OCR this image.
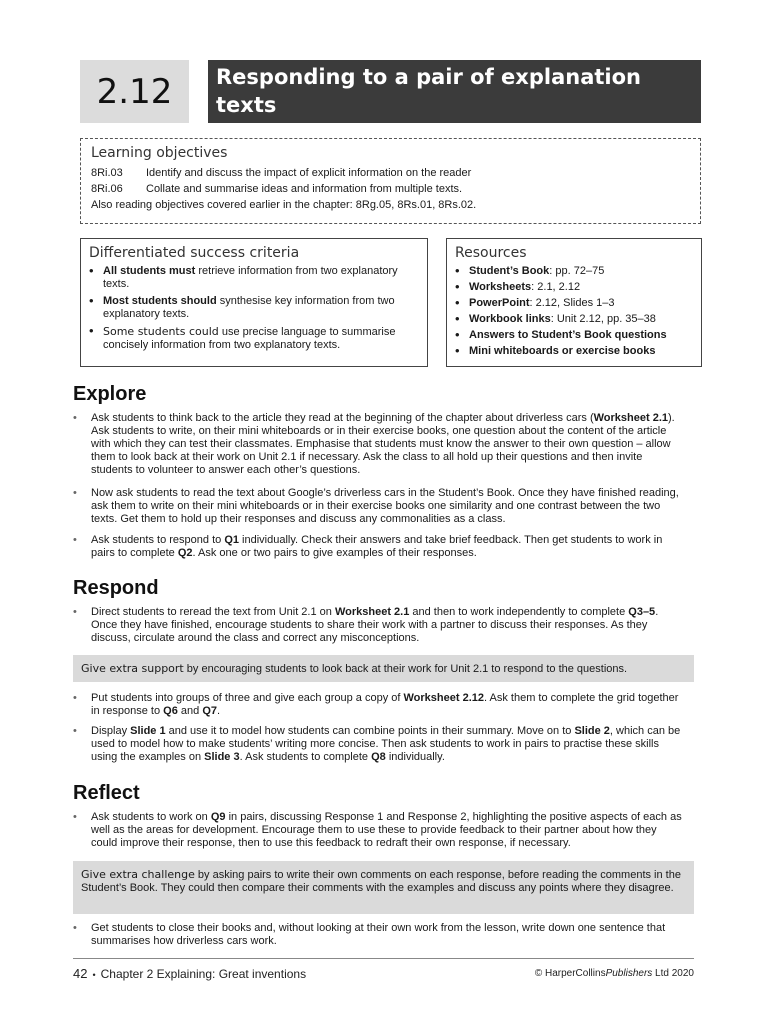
2.12	Responding to a pair of explanation texts
Learning objectives
8Ri.03	Identify and discuss the impact of explicit information on the reader
8Ri.06	Collate and summarise ideas and information from multiple texts.
Also reading objectives covered earlier in the chapter: 8Rg.05, 8Rs.01, 8Rs.02.
Differentiated success criteria
• All students must retrieve information from two explanatory texts.
• Most students should synthesise key information from two explanatory texts.
• Some students could use precise language to summarise concisely information from two explanatory texts.
Resources
• Student’s Book: pp. 72–75
• Worksheets: 2.1, 2.12
• PowerPoint: 2.12, Slides 1–3
• Workbook links: Unit 2.12, pp. 35–38
• Answers to Student’s Book questions
• Mini whiteboards or exercise books
Explore
•	Ask students to think back to the article they read at the beginning of the chapter about driverless cars (Worksheet 2.1). Ask students to write, on their mini whiteboards or in their exercise books, one question about the content of the article with which they can test their classmates. Emphasise that students must know the answer to their own question – allow them to look back at their work on Unit 2.1 if necessary. Ask the class to all hold up their questions and then invite students to volunteer to answer each other’s questions.
•	Now ask students to read the text about Google’s driverless cars in the Student’s Book. Once they have finished reading, ask them to write on their mini whiteboards or in their exercise books one similarity and one contrast between the two texts. Get them to hold up their responses and discuss any commonalities as a class.
•	Ask students to respond to Q1 individually. Check their answers and take brief feedback. Then get students to work in pairs to complete Q2. Ask one or two pairs to give examples of their responses.
Respond
•	Direct students to reread the text from Unit 2.1 on Worksheet 2.1 and then to work independently to complete Q3–5. Once they have finished, encourage students to share their work with a partner to discuss their responses. As they discuss, circulate around the class and correct any misconceptions.
Give extra support by encouraging students to look back at their work for Unit 2.1 to respond to the questions.
•	Put students into groups of three and give each group a copy of Worksheet 2.12. Ask them to complete the grid together in response to Q6 and Q7.
•	Display Slide 1 and use it to model how students can combine points in their summary. Move on to Slide 2, which can be used to model how to make students’ writing more concise. Then ask students to work in pairs to practise these skills using the examples on Slide 3. Ask students to complete Q8 individually.
Reflect
•	Ask students to work on Q9 in pairs, discussing Response 1 and Response 2, highlighting the positive aspects of each as well as the areas for development. Encourage them to use these to provide feedback to their partner about how they could improve their response, then to use this feedback to redraft their own response, if necessary.
Give extra challenge by asking pairs to write their own comments on each response, before reading the comments in the Student’s Book. They could then compare their comments with the examples and discuss any points where they disagree.
•	Get students to close their books and, without looking at their own work from the lesson, write down one sentence that summarises how driverless cars work.
42 • Chapter 2 Explaining: Great inventions	© HarperCollinsPublishers Ltd 2020
